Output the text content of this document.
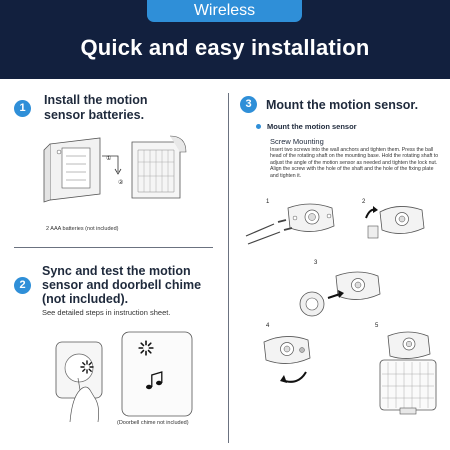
Wireless
Quick and easy installation
1
Install the motion
sensor batteries.
①
②
2 AAA batteries (not included)
2
Sync and test the motion
sensor and doorbell chime
(not included).
See detailed steps in instruction sheet.
(Doorbell chime not included)
3	Mount the motion sensor.
Mount the motion sensor
Screw Mounting
Insert two screws into the wall anchors and tighten them. Press the ball head of the rotating shaft on the mounting base. Hold the rotating shaft to adjust the angle of the motion sensor as needed and tighten the lock nut. Align the screw with the hole of the shaft and the hole of the fixing plate and tighten it.
1	2
3
4	5
